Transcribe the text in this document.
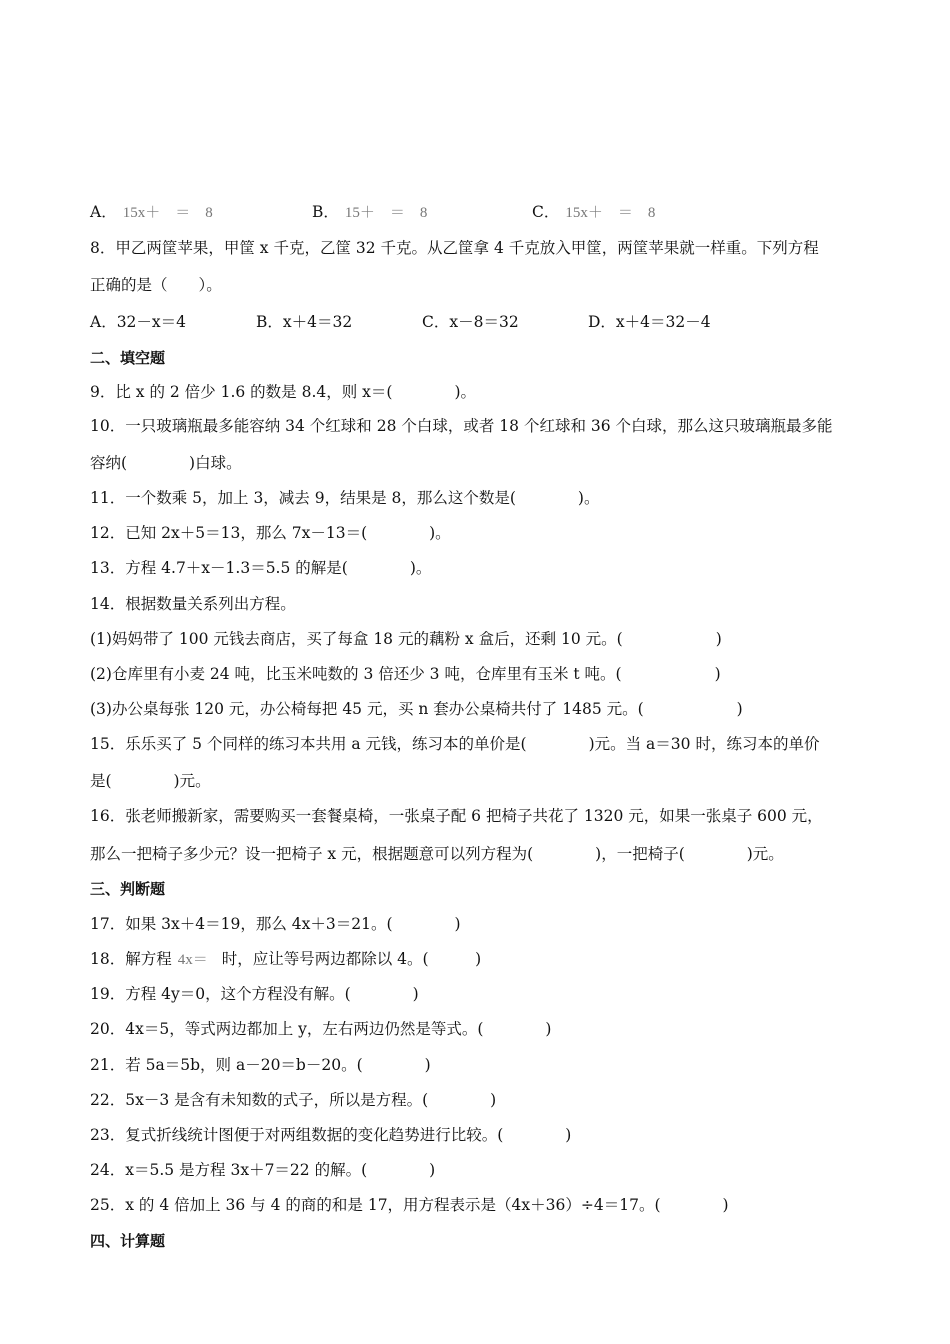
A． 15x＋　＝　8	B． 15＋　＝　8	C． 15x＋　＝　8
8．甲乙两筐苹果，甲筐 x 千克，乙筐 32 千克。从乙筐拿 4 千克放入甲筐，两筐苹果就一样重。下列方程
正确的是（　　）。
A．32－x＝4	B．x＋4＝32	C．x－8＝32	D．x＋4＝32－4
二、填空题
9．比 x 的 2 倍少 1.6 的数是 8.4，则 x＝(　　　　)。
10．一只玻璃瓶最多能容纳 34 个红球和 28 个白球，或者 18 个红球和 36 个白球，那么这只玻璃瓶最多能
容纳(　　　　)白球。
11．一个数乘 5，加上 3，减去 9，结果是 8，那么这个数是(　　　　)。
12．已知 2x＋5＝13，那么 7x－13＝(　　　　)。
13．方程 4.7＋x－1.3＝5.5 的解是(　　　　)。
14．根据数量关系列出方程。
(1)妈妈带了 100 元钱去商店，买了每盒 18 元的藕粉 x 盒后，还剩 10 元。(　　　　　　)
(2)仓库里有小麦 24 吨，比玉米吨数的 3 倍还少 3 吨，仓库里有玉米 t 吨。(　　　　　　)
(3)办公桌每张 120 元，办公椅每把 45 元，买 n 套办公桌椅共付了 1485 元。(　　　　　　)
15．乐乐买了 5 个同样的练习本共用 a 元钱，练习本的单价是(　　　　)元。当 a＝30 时，练习本的单价
是(　　　　)元。
16．张老师搬新家，需要购买一套餐桌椅，一张桌子配 6 把椅子共花了 1320 元，如果一张桌子 600 元，
那么一把椅子多少元？设一把椅子 x 元，根据题意可以列方程为(　　　　)，一把椅子(　　　　)元。
三、判断题
17．如果 3x＋4＝19，那么 4x＋3＝21。(　　　　)
18．解方程 4x＝ 时，应让等号两边都除以 4。(　　　)
19．方程 4y＝0，这个方程没有解。(　　　　)
20．4x＝5，等式两边都加上 y，左右两边仍然是等式。(　　　　)
21．若 5a＝5b，则 a－20＝b－20。(　　　　)
22．5x－3 是含有未知数的式子，所以是方程。(　　　　)
23．复式折线统计图便于对两组数据的变化趋势进行比较。(　　　　)
24．x＝5.5 是方程 3x＋7＝22 的解。(　　　　)
25．x 的 4 倍加上 36 与 4 的商的和是 17，用方程表示是（4x＋36）÷4＝17。(　　　　)
四、计算题
